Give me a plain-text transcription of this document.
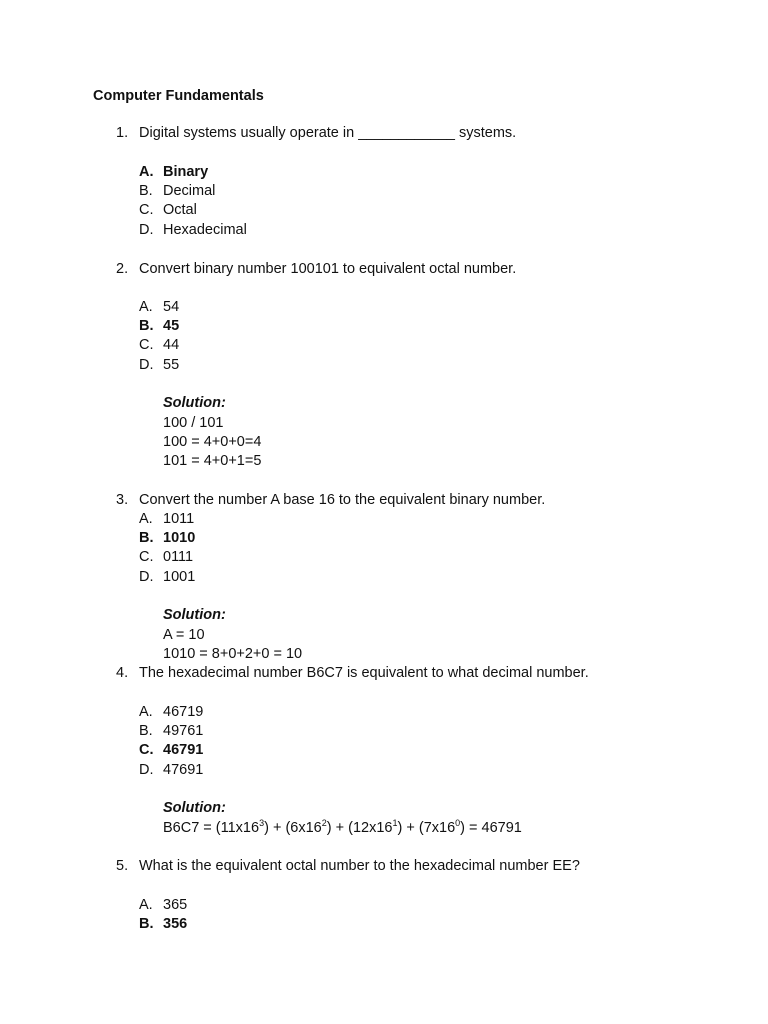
Computer Fundamentals
1. Digital systems usually operate in ____________ systems.
A. Binary
B. Decimal
C. Octal
D. Hexadecimal
2. Convert binary number 100101 to equivalent octal number.
A. 54
B. 45
C. 44
D. 55
Solution:
100 / 101
100 = 4+0+0=4
101 = 4+0+1=5
3. Convert the number A base 16 to the equivalent binary number.
A. 1011
B. 1010
C. 0111
D. 1001
Solution:
A = 10
1010 = 8+0+2+0 = 10
4. The hexadecimal number B6C7 is equivalent to what decimal number.
A. 46719
B. 49761
C. 46791
D. 47691
Solution:
$B6C7 = (11x16^3) + (6x16^2) + (12x16^1) + (7x16^0) = 46791$
5. What is the equivalent octal number to the hexadecimal number EE?
A. 365
B. 356
